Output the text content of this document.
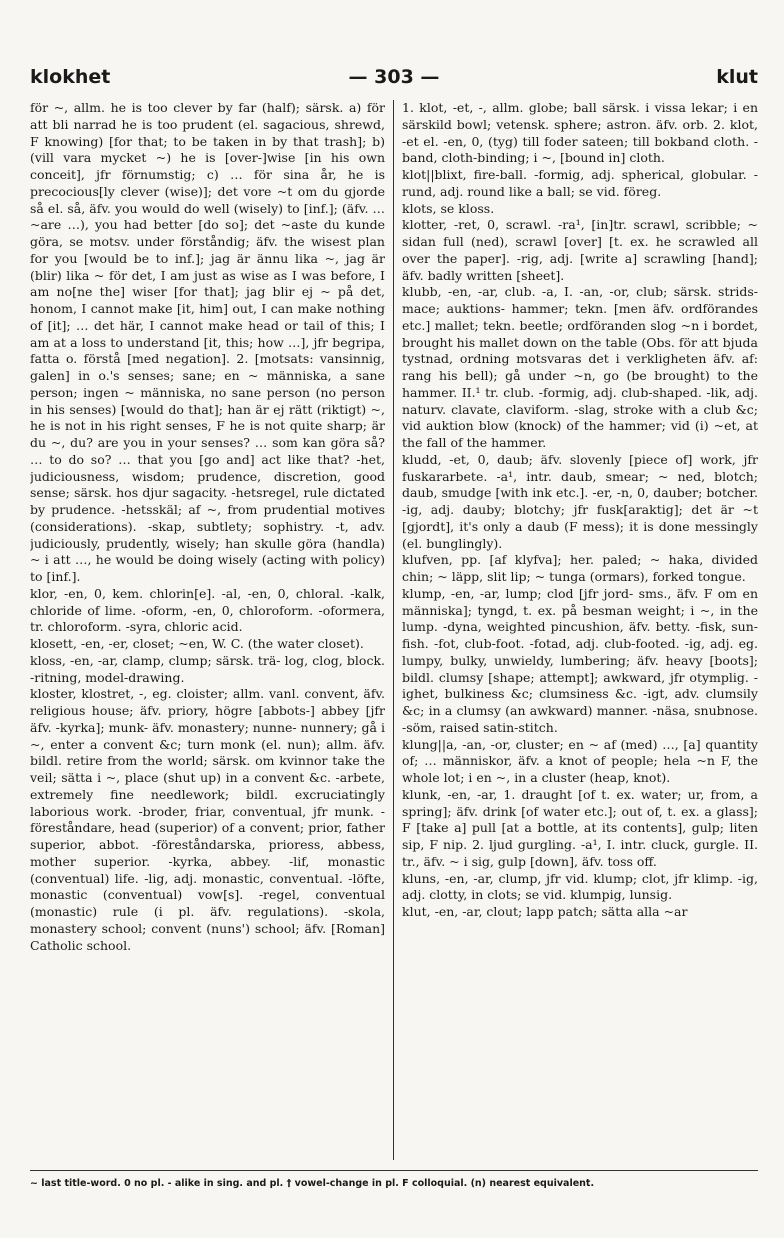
klokhet	— 303 —	klut

för ~, allm. he is too clever by far (half); särsk. a) för att bli narrad he is too prudent (el. sagacious, shrewd, F knowing) [for that; to be taken in by that trash]; b) (vill vara mycket ~) he is [over-]wise [in his own conceit], jfr förnumstig; c) … för sina år, he is precocious[ly clever (wise)]; det vore ~t om du gjorde så el. så, äfv. you would do well (wisely) to [inf.]; (äfv. … ~are …), you had better [do so]; det ~aste du kunde göra, se motsv. under förståndig; äfv. the wisest plan for you [would be to inf.]; jag är ännu lika ~, jag är (blir) lika ~ för det, I am just as wise as I was before, I am no[ne the] wiser [for that]; jag blir ej ~ på det, honom, I cannot make [it, him] out, I can make nothing of [it]; … det här, I cannot make head or tail of this; I am at a loss to understand [it, this; how …], jfr begripa, fatta o. förstå [med negation]. 2. [motsats: vansinnig, galen] in o.'s senses; sane; en ~ människa, a sane person; ingen ~ människa, no sane person (no person in his senses) [would do that]; han är ej rätt (riktigt) ~, he is not in his right senses, F he is not quite sharp; är du ~, du? are you in your senses? … som kan göra så? … to do so? … that you [go and] act like that? -het, judiciousness, wisdom; prudence, discretion, good sense; särsk. hos djur sagacity. -hetsregel, rule dictated by prudence. -hetsskäl; af ~, from prudential motives (considerations). -skap, subtlety; sophistry. -t, adv. judiciously, prudently, wisely; han skulle göra (handla) ~ i att …, he would be doing wisely (acting with policy) to [inf.].

klor, -en, 0, kem. chlorin[e]. -al, -en, 0, chloral. -kalk, chloride of lime. -oform, -en, 0, chloroform. -oformera, tr. chloroform. -syra, chloric acid.

klosett, -en, -er, closet; ~en, W. C. (the water closet).

kloss, -en, -ar, clamp, clump; särsk. trä- log, clog, block. -ritning, model-drawing.

kloster, klostret, -, eg. cloister; allm. vanl. convent, äfv. religious house; äfv. priory, högre [abbots-] abbey [jfr äfv. -kyrka]; munk- äfv. monastery; nunne- nunnery; gå i ~, enter a convent &c; turn monk (el. nun); allm. äfv. bildl. retire from the world; särsk. om kvinnor take the veil; sätta i ~, place (shut up) in a convent &c. -arbete, extremely fine needlework; bildl. excruciatingly laborious work. -broder, friar, conventual, jfr munk. -föreståndare, head (superior) of a convent; prior, father superior, abbot. -föreståndarska, prioress, abbess, mother superior. -kyrka, abbey. -lif, monastic (conventual) life. -lig, adj. monastic, conventual. -löfte, monastic (conventual) vow[s]. -regel, conventual (monastic) rule (i pl. äfv. regulations). -skola, monastery school; convent (nuns') school; äfv. [Roman] Catholic school.

1. klot, -et, -, allm. globe; ball särsk. i vissa lekar; i en särskild bowl; vetensk. sphere; astron. äfv. orb. 2. klot, -et el. -en, 0, (tyg) till foder sateen; till bokband cloth. -band, cloth-binding; i ~, [bound in] cloth.

klot||blixt, fire-ball. -formig, adj. spherical, globular. -rund, adj. round like a ball; se vid. föreg.

klots, se kloss.

klotter, -ret, 0, scrawl. -ra¹, [in]tr. scrawl, scribble; ~ sidan full (ned), scrawl [over] [t. ex. he scrawled all over the paper]. -rig, adj. [write a] scrawling [hand]; äfv. badly written [sheet].

klubb, -en, -ar, club. -a, I. -an, -or, club; särsk. strids- mace; auktions- hammer; tekn. [men äfv. ordförandes etc.] mallet; tekn. beetle; ordföranden slog ~n i bordet, brought his mallet down on the table (Obs. för att bjuda tystnad, ordning motsvaras det i verkligheten äfv. af: rang his bell); gå under ~n, go (be brought) to the hammer. II.¹ tr. club. -formig, adj. club-shaped. -lik, adj. naturv. clavate, claviform. -slag, stroke with a club &c; vid auktion blow (knock) of the hammer; vid (i) ~et, at the fall of the hammer.

kludd, -et, 0, daub; äfv. slovenly [piece of] work, jfr fuskararbete. -a¹, intr. daub, smear; ~ ned, blotch; daub, smudge [with ink etc.]. -er, -n, 0, dauber; botcher. -ig, adj. dauby; blotchy; jfr fusk[araktig]; det är ~t [gjordt], it's only a daub (F mess); it is done messingly (el. bunglingly).

klufven, pp. [af klyfva]; her. paled; ~ haka, divided chin; ~ läpp, slit lip; ~ tunga (ormars), forked tongue.

klump, -en, -ar, lump; clod [jfr jord- sms., äfv. F om en människa]; tyngd, t. ex. på besman weight; i ~, in the lump. -dyna, weighted pincushion, äfv. betty. -fisk, sun-fish. -fot, club-foot. -fotad, adj. club-footed. -ig, adj. eg. lumpy, bulky, unwieldy, lumbering; äfv. heavy [boots]; bildl. clumsy [shape; attempt]; awkward, jfr otymplig. -ighet, bulkiness &c; clumsiness &c. -igt, adv. clumsily &c; in a clumsy (an awkward) manner. -näsa, snubnose. -söm, raised satin-stitch.

klung||a, -an, -or, cluster; en ~ af (med) …, [a] quantity of; … människor, äfv. a knot of people; hela ~n F, the whole lot; i en ~, in a cluster (heap, knot).

klunk, -en, -ar, 1. draught [of t. ex. water; ur, from, a spring]; äfv. drink [of water etc.]; out of, t. ex. a glass]; F [take a] pull [at a bottle, at its contents], gulp; liten sip, F nip. 2. ljud gurgling. -a¹, I. intr. cluck, gurgle. II. tr., äfv. ~ i sig, gulp [down], äfv. toss off.

kluns, -en, -ar, clump, jfr vid. klump; clot, jfr klimp. -ig, adj. clotty, in clots; se vid. klumpig, lunsig.

klut, -en, -ar, clout; lapp patch; sätta alla ~ar

~ last title-word. 0 no pl. - alike in sing. and pl. † vowel-change in pl. F colloquial. (n) nearest equivalent.
